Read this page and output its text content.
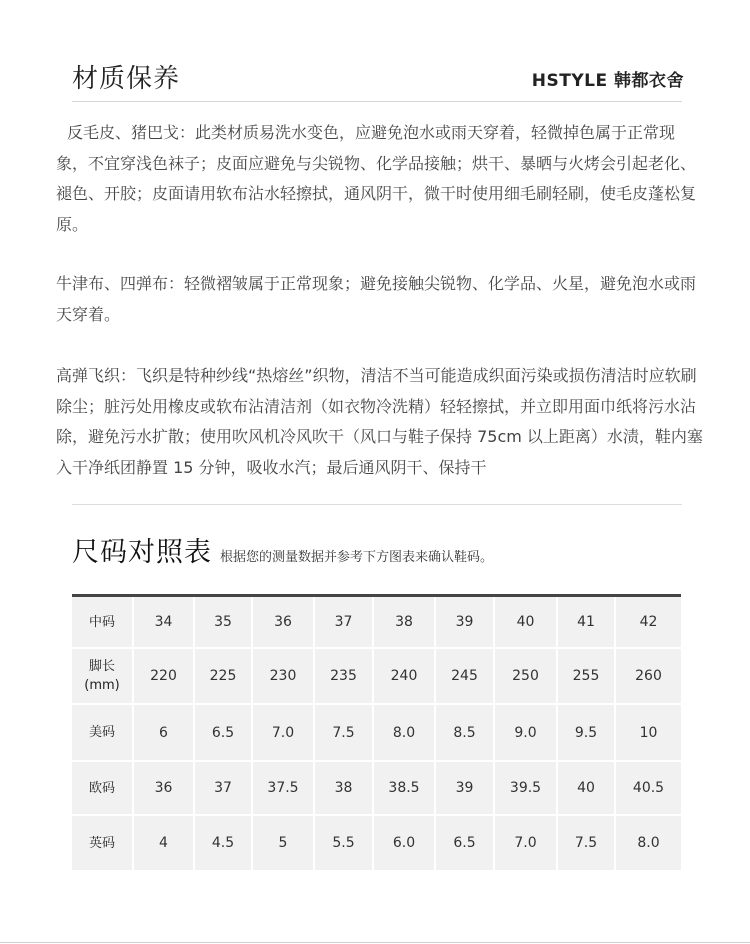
材质保养	HSTYLE 韩都衣舍

反毛皮、猪巴戈：此类材质易洗水变色，应避免泡水或雨天穿着，轻微掉色属于正常现象，不宜穿浅色袜子；皮面应避免与尖锐物、化学品接触；烘干、暴晒与火烤会引起老化、褪色、开胶；皮面请用软布沾水轻擦拭，通风阴干，微干时使用细毛刷轻刷，使毛皮蓬松复原。

牛津布、四弹布：轻微褶皱属于正常现象；避免接触尖锐物、化学品、火星，避免泡水或雨天穿着。

高弹飞织：飞织是特种纱线“热熔丝”织物，清洁不当可能造成织面污染或损伤清洁时应软刷除尘；脏污处用橡皮或软布沾清洁剂（如衣物冷洗精）轻轻擦拭，并立即用面巾纸将污水沾除，避免污水扩散；使用吹风机冷风吹干（风口与鞋子保持 75cm 以上距离）水渍，鞋内塞入干净纸团静置 15 分钟，吸收水汽；最后通风阴干、保持干

尺码对照表 根据您的测量数据并参考下方图表来确认鞋码。
中码	34	35	36	37	38	39	40	41	42
脚长
(mm)	220	225	230	235	240	245	250	255	260
美码	6	6.5	7.0	7.5	8.0	8.5	9.0	9.5	10
欧码	36	37	37.5	38	38.5	39	39.5	40	40.5
英码	4	4.5	5	5.5	6.0	6.5	7.0	7.5	8.0
